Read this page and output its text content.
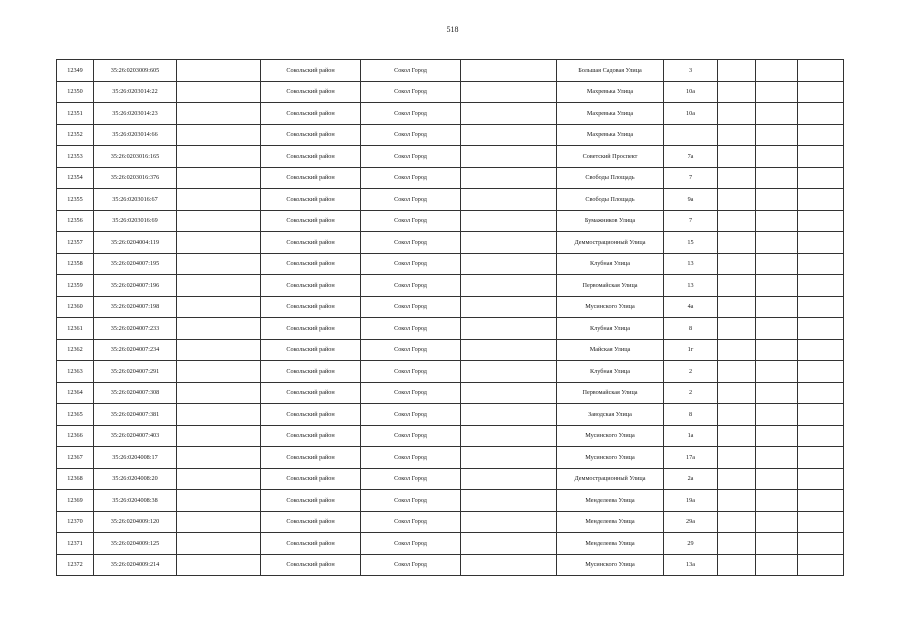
518
12349	35:26:0203009:605		Сокольский район	Сокол Город		Большая Садовая Улица	3			
12350	35:26:0203014:22		Сокольский район	Сокол Город		Махревька Улица	10а			
12351	35:26:0203014:23		Сокольский район	Сокол Город		Махревька Улица	10а			
12352	35:26:0203014:66		Сокольский район	Сокол Город		Махревька Улица				
12353	35:26:0203016:165		Сокольский район	Сокол Город		Советский Проспект	7а			
12354	35:26:0203016:376		Сокольский район	Сокол Город		Свободы Площадь	7			
12355	35:26:0203016:67		Сокольский район	Сокол Город		Свободы Площадь	9а			
12356	35:26:0203016:69		Сокольский район	Сокол Город		Бумажников Улица	7			
12357	35:26:0204004:119		Сокольский район	Сокол Город		Деммострационный Улица	15			
12358	35:26:0204007:195		Сокольский район	Сокол Город		Клубная Улица	13			
12359	35:26:0204007:196		Сокольский район	Сокол Город		Первомайская Улица	13			
12360	35:26:0204007:198		Сокольский район	Сокол Город		Мусинского Улица	4а			
12361	35:26:0204007:233		Сокольский район	Сокол Город		Клубная Улица	8			
12362	35:26:0204007:234		Сокольский район	Сокол Город		Майская Улица	1г			
12363	35:26:0204007:291		Сокольский район	Сокол Город		Клубная Улица	2			
12364	35:26:0204007:308		Сокольский район	Сокол Город		Первомайская Улица	2			
12365	35:26:0204007:381		Сокольский район	Сокол Город		Заводская Улица	8			
12366	35:26:0204007:403		Сокольский район	Сокол Город		Мусинского Улица	1а			
12367	35:26:0204008:17		Сокольский район	Сокол Город		Мусинского Улица	17а			
12368	35:26:0204008:20		Сокольский район	Сокол Город		Деммострационный Улица	2а			
12369	35:26:0204008:38		Сокольский район	Сокол Город		Менделеева Улица	19а			
12370	35:26:0204009:120		Сокольский район	Сокол Город		Менделеева Улица	29а			
12371	35:26:0204009:125		Сокольский район	Сокол Город		Менделеева Улица	29			
12372	35:26:0204009:214		Сокольский район	Сокол Город		Мусинского Улица	13а			
